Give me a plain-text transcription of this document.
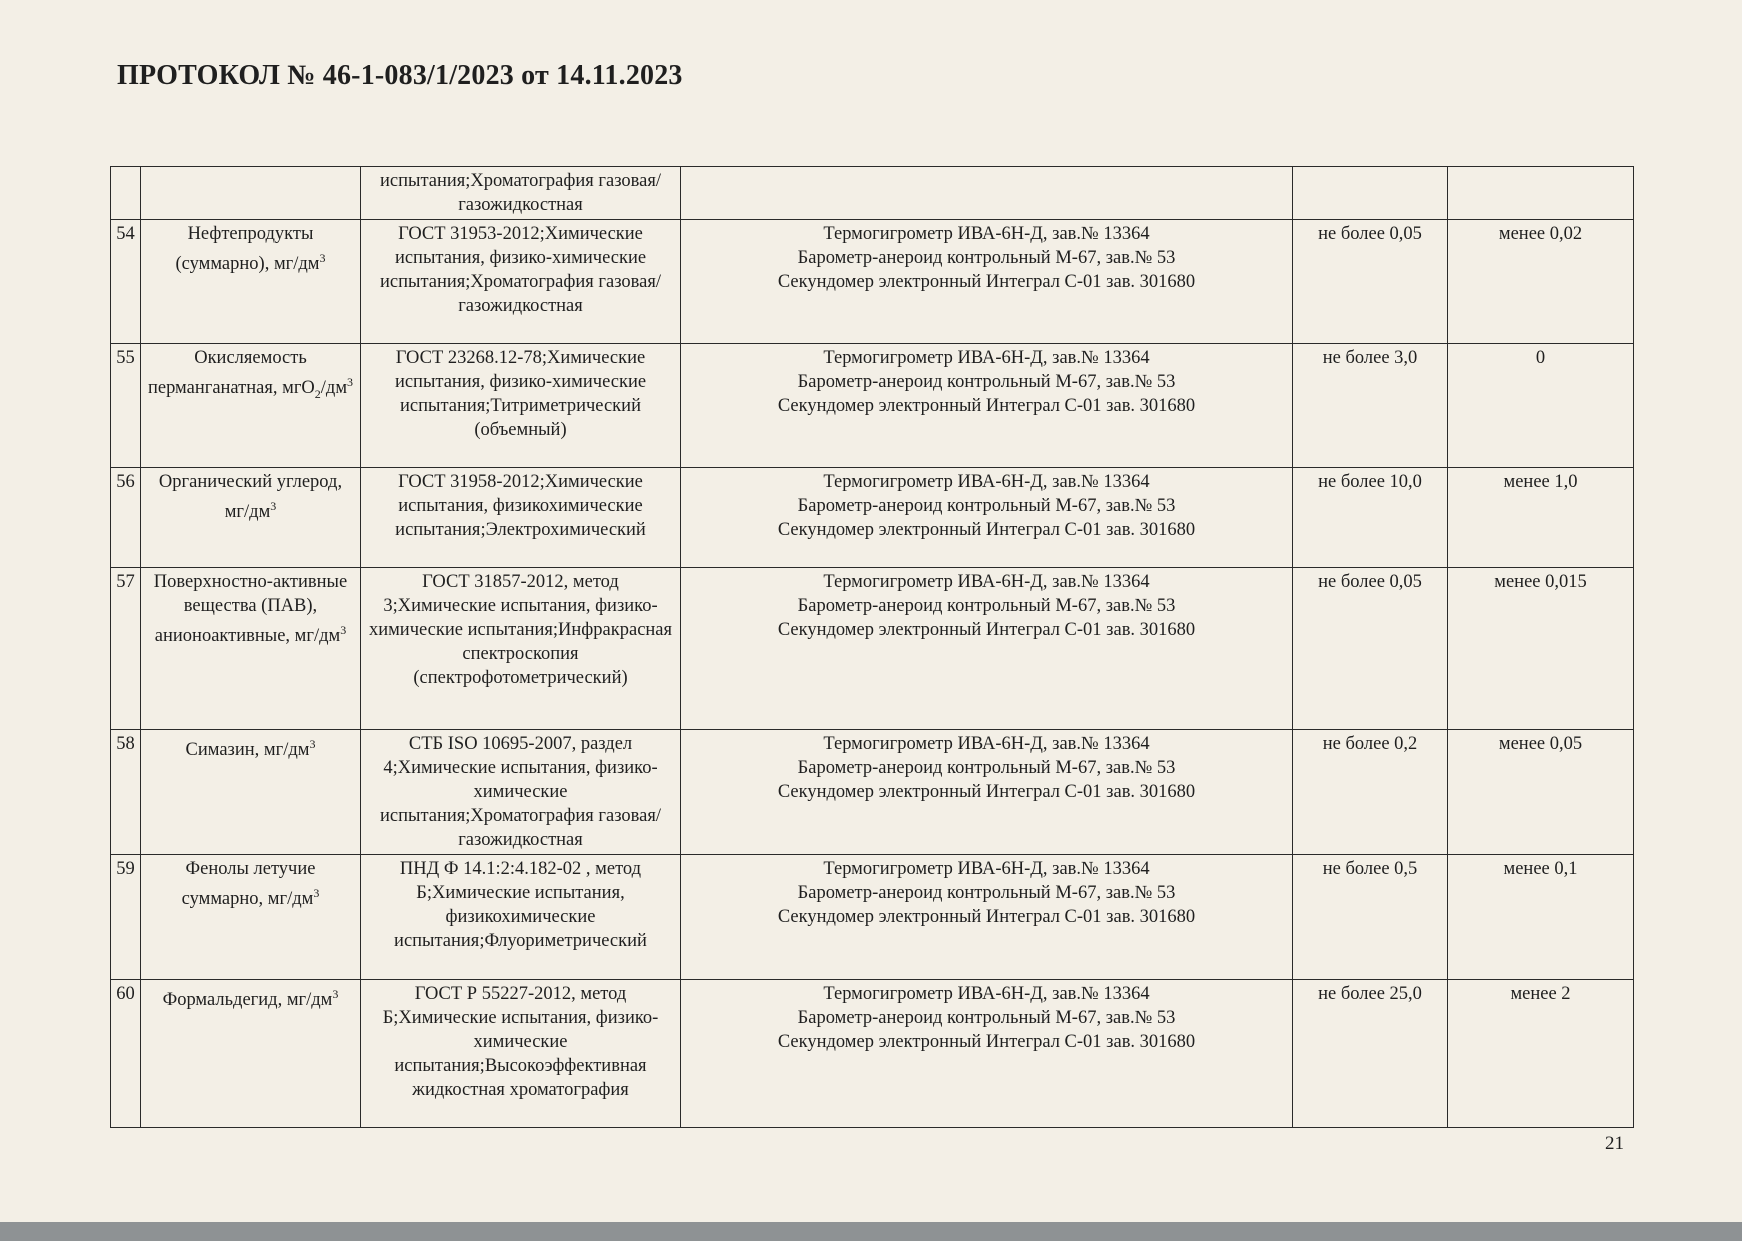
ПРОТОКОЛ № 46-1-083/1/2023 от 14.11.2023
		испытания;Хроматография газовая/газожидкостная			
54	Нефтепродукты (суммарно), $мг/дм^3$	ГОСТ 31953-2012;Химические испытания, физико-химические испытания;Хроматография газовая/газожидкостная	Термогигрометр ИВА-6Н-Д, зав.№ 13364
Барометр-анероид контрольный М-67, зав.№ 53
Секундомер электронный Интеграл С-01 зав. 301680	не более 0,05	менее 0,02
55	Окисляемость перманганатная, $мгО_2/дм^3$	ГОСТ 23268.12-78;Химические испытания, физико-химические испытания;Титриметрический (объемный)	Термогигрометр ИВА-6Н-Д, зав.№ 13364
Барометр-анероид контрольный М-67, зав.№ 53
Секундомер электронный Интеграл С-01 зав. 301680	не более 3,0	0
56	Органический углерод, $мг/дм^3$	ГОСТ 31958-2012;Химические испытания, физикохимические испытания;Электрохимический	Термогигрометр ИВА-6Н-Д, зав.№ 13364
Барометр-анероид контрольный М-67, зав.№ 53
Секундомер электронный Интеграл С-01 зав. 301680	не более 10,0	менее 1,0
57	Поверхностно-активные вещества (ПАВ), анионоактивные, $мг/дм^3$	ГОСТ 31857-2012, метод 3;Химические испытания, физико-химические испытания;Инфракрасная спектроскопия (спектрофотометрический)	Термогигрометр ИВА-6Н-Д, зав.№ 13364
Барометр-анероид контрольный М-67, зав.№ 53
Секундомер электронный Интеграл С-01 зав. 301680	не более 0,05	менее 0,015
58	Симазин, $мг/дм^3$	СТБ ISO 10695-2007, раздел 4;Химические испытания, физико-химические испытания;Хроматография газовая/газожидкостная	Термогигрометр ИВА-6Н-Д, зав.№ 13364
Барометр-анероид контрольный М-67, зав.№ 53
Секундомер электронный Интеграл С-01 зав. 301680	не более 0,2	менее 0,05
59	Фенолы летучие суммарно, $мг/дм^3$	ПНД Ф 14.1:2:4.182-02 , метод Б;Химические испытания, физикохимические испытания;Флуориметрический	Термогигрометр ИВА-6Н-Д, зав.№ 13364
Барометр-анероид контрольный М-67, зав.№ 53
Секундомер электронный Интеграл С-01 зав. 301680	не более 0,5	менее 0,1
60	Формальдегид, $мг/дм^3$	ГОСТ Р 55227-2012, метод Б;Химические испытания, физико-химические испытания;Высокоэффективная жидкостная хроматография	Термогигрометр ИВА-6Н-Д, зав.№ 13364
Барометр-анероид контрольный М-67, зав.№ 53
Секундомер электронный Интеграл С-01 зав. 301680	не более 25,0	менее 2
21
